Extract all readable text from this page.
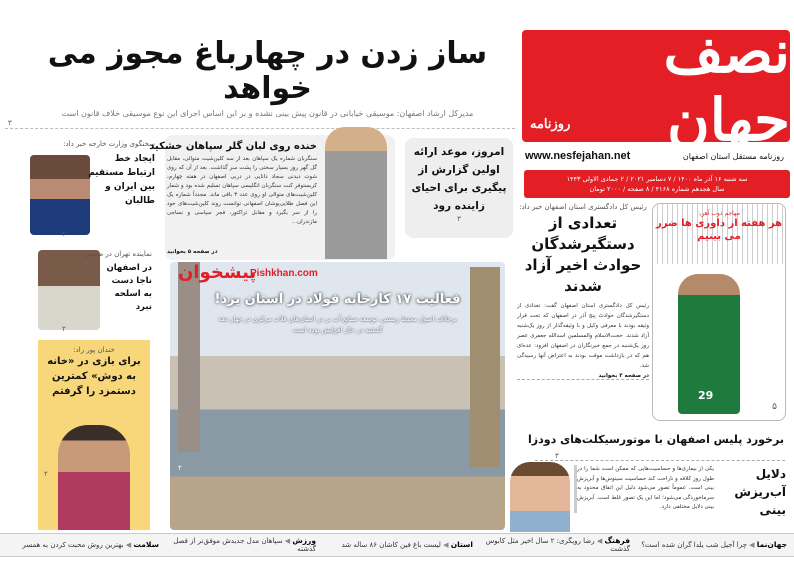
نصف جهان
روزنامه
www.nesfejahan.net	روزنامه مستقل استان اصفهان
سه شنبه ۱۶ آذر ماه ۱۴۰۰ / ۷ دسامبر ۲۰۲۱ / ۲ جمادی الاولی ۱۴۴۳
سال هجدهم شماره ۴۱۶۸ / ۸ صفحه / ۲۰۰۰ تومان
ساز زدن در چهارباغ مجوز می خواهد
مدیرکل ارشاد اصفهان: موسیقی خیابانی در قانون پیش بینی نشده و بر این اساس اجرای این نوع موسیقی خلاف قانون است
۳
سخنگوی وزارت خارجه خبر داد:
ایجاد خط ارتباط مستقیم بین ایران و طالبان
۲
نماینده تهران در مجلس:
در اصفهان ناجا دست به اسلحه نبرد
۲
خندان پور راد:
برای بازی در «خانه به دوش» کمترین دستمزد را گرفتم
۲
خنده روی لبان گلر سپاهان خشکید
سنگربان شماره یک سپاهان بعد از سه کلین‌شیت متوالی، مقابل گل گهر روز بسیار سختی را پشت سر گذاشت. بعد از آن که روی شوت دیدنی سجاد دانایی در دربی اصفهان در هفته چهارم، کریستوفر کنت سنگربان انگلیسی سپاهان تسلیم شده بود و شمار کلین‌شیت‌های متوالی او روی عدد ۳ باقی ماند. مجدداً شماره یک این فصل طلایی‌پوشان اصفهانی توانست روند کلین‌شیت‌های خود را از سر بگیرد و مقابل تراکتور، فجر سپاسی و نساجی مازندران...
در صفحه ۵ بخوانید
امروز، موعد ارائه اولین گزارش از پیگیری برای احیای زاینده رود
۳
فعالیت ۱۷ کارخانه فولاد در استان یزد!
برخلاف اصول محیط زیستی، توسعه صنایع آب بر در استان‌های فلات مرکزی در چهار دهه گذشته در حال افزایش بوده است
۲
پیشخوان
Pishkhan.com
رئیس کل دادگستری استان اصفهان خبر داد:
تعدادی از دستگیرشدگان حوادث اخیر آزاد شدند
رئیس کل دادگستری استان اصفهان گفت: تعدادی از دستگیرشدگان حوادث پنج آذر در اصفهان که تحت قرار وثیقه بودند با معرفی وکیل و با وثیقه‌گذار از روز یک‌شنبه آزاد شدند. حجت‌الاسلام والمسلمین اسدالله جعفری عصر روز یک‌شنبه در جمع خبرنگاران در اصفهان افزود: عده‌ای هم که در بازداشت موقت بودند به اعتراض آنها رسیدگی شد.
در صفحه ۳ بخوانید
مهاجم ذوب آهن:
هر هفته از داوری ها ضرر می بینیم
29
۵
برخورد پلیس اصفهان با موتورسیکلت‌های دودزا
۳
یکی از بیماری‌ها و حساسیت‌هایی که ممکن است شما را در طول روز کلافه و ناراحت کند حساسیت سینوس‌ها و آبریزش بینی است. عموماً تصور می‌شود دلیل این اتفاق محدود به سرماخوردگی می‌شود؛ اما این یک تصور غلط است. آبریزش بینی دلایل مختلفی دارد.
دلایل آب‌ریزش بینی
جهان‌نما ◀ چرا آجیل شب یلدا گران شده است؟
فرهنگ ◀ رضا رویگری: ۲ سال اخیر مثل کابوس گذشت
استان ◀ لیست باغ فین کاشان ۸۶ ساله شد
ورزش ◀ سپاهان مدل جدیدش موفق‌تر از فصل گذشته
سلامت ◀ بهترین روش محبت کردن به همسر
